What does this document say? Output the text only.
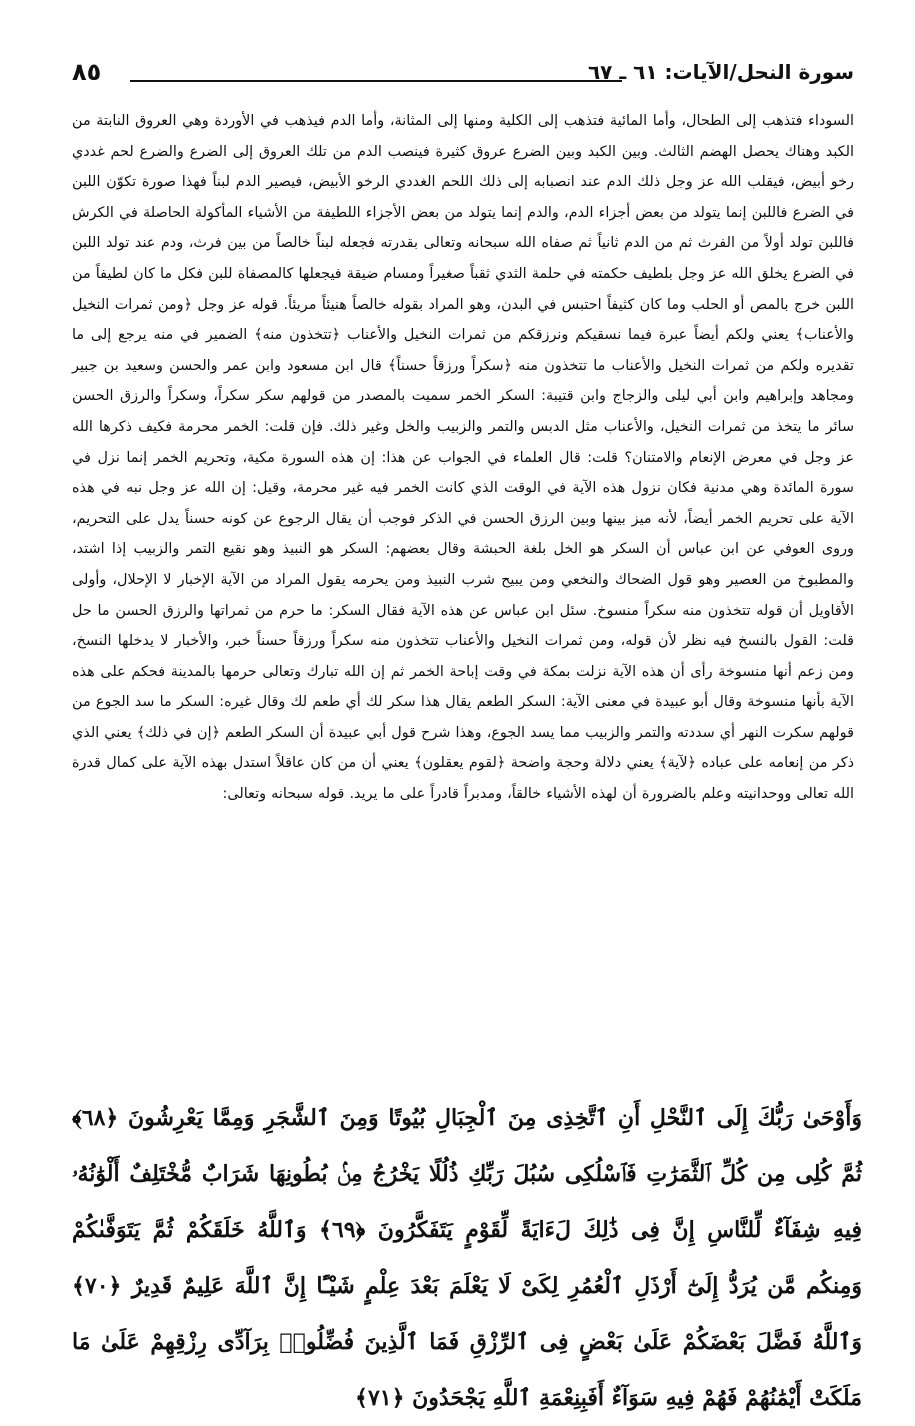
سورة النحل/الآيات: ٦١ ـ ٦٧
٨٥

السوداء فتذهب إلى الطحال، وأما المائية فتذهب إلى الكلية ومنها إلى المثانة، وأما الدم فيذهب في الأوردة وهي العروق النابتة من الكبد وهناك يحصل الهضم الثالث. وبين الكبد وبين الضرع عروق كثيرة فينصب الدم من تلك العروق إلى الضرع والضرع لحم غددي رخو أبيض، فيقلب الله عز وجل ذلك الدم عند انصبابه إلى ذلك اللحم الغددي الرخو الأبيض، فيصير الدم لبناً فهذا صورة تكوّن اللبن في الضرع فاللبن إنما يتولد من بعض أجزاء الدم، والدم إنما يتولد من بعض الأجزاء اللطيفة من الأشياء المأكولة الحاصلة في الكرش فاللبن تولد أولاً من الفرث ثم من الدم ثانياً ثم صفاه الله سبحانه وتعالى بقدرته فجعله لبناً خالصاً من بين فرث، ودم عند تولد اللبن في الضرع يخلق الله عز وجل بلطيف حكمته في حلمة الثدي ثقباً صغيراً ومسام ضيقة فيجعلها كالمصفاة للبن فكل ما كان لطيفاً من اللبن خرج بالمص أو الحلب وما كان كثيفاً احتبس في البدن، وهو المراد بقوله خالصاً هنيئاً مريئاً. قوله عز وجل ﴿ومن ثمرات النخيل والأعناب﴾ يعني ولكم أيضاً عبرة فيما نسقيكم ونرزقكم من ثمرات النخيل والأعناب ﴿تتخذون منه﴾ الضمير في منه يرجع إلى ما تقديره ولكم من ثمرات النخيل والأعناب ما تتخذون منه ﴿سكراً ورزقاً حسناً﴾ قال ابن مسعود وابن عمر والحسن وسعيد بن جبير ومجاهد وإبراهيم وابن أبي ليلى والزجاج وابن قتيبة: السكر الخمر سميت بالمصدر من قولهم سكر سكراً، وسكراً والرزق الحسن سائر ما يتخذ من ثمرات النخيل، والأعناب مثل الدبس والتمر والزبيب والخل وغير ذلك. فإن قلت: الخمر محرمة فكيف ذكرها الله عز وجل في معرض الإنعام والامتنان؟ قلت: قال العلماء في الجواب عن هذا: إن هذه السورة مكية، وتحريم الخمر إنما نزل في سورة المائدة وهي مدنية فكان نزول هذه الآية في الوقت الذي كانت الخمر فيه غير محرمة، وقيل: إن الله عز وجل نبه في هذه الآية على تحريم الخمر أيضاً، لأنه ميز بينها وبين الرزق الحسن في الذكر فوجب أن يقال الرجوع عن كونه حسناً يدل على التحريم، وروى العوفي عن ابن عباس أن السكر هو الخل بلغة الحبشة وقال بعضهم: السكر هو النبيذ وهو نقيع التمر والزبيب إذا اشتد، والمطبوخ من العصير وهو قول الضحاك والنخعي ومن يبيح شرب النبيذ ومن يحرمه يقول المراد من الآية الإخبار لا الإحلال، وأولى الأقاويل أن قوله تتخذون منه سكراً منسوخ. سئل ابن عباس عن هذه الآية فقال السكر: ما حرم من ثمراتها والرزق الحسن ما حل قلت: القول بالنسخ فيه نظر لأن قوله، ومن ثمرات النخيل والأعناب تتخذون منه سكراً ورزقاً حسناً خبر، والأخبار لا يدخلها النسخ، ومن زعم أنها منسوخة رأى أن هذه الآية نزلت بمكة في وقت إباحة الخمر ثم إن الله تبارك وتعالى حرمها بالمدينة فحكم على هذه الآية بأنها منسوخة وقال أبو عبيدة في معنى الآية: السكر الطعم يقال هذا سكر لك أي طعم لك وقال غيره: السكر ما سد الجوع من قولهم سكرت النهر أي سددته والتمر والزبيب مما يسد الجوع، وهذا شرح قول أبي عبيدة أن السكر الطعم ﴿إن في ذلك﴾ يعني الذي ذكر من إنعامه على عباده ﴿لآية﴾ يعني دلالة وحجة واضحة ﴿لقوم يعقلون﴾ يعني أن من كان عاقلاً استدل بهذه الآية على كمال قدرة الله تعالى ووحدانيته وعلم بالضرورة أن لهذه الأشياء خالقاً، ومدبراً قادراً على ما يريد. قوله سبحانه وتعالى:

وَأَوْحَىٰ رَبُّكَ إِلَى ٱلنَّحْلِ أَنِ ٱتَّخِذِى مِنَ ٱلْجِبَالِ بُيُوتًا وَمِنَ ٱلشَّجَرِ وَمِمَّا يَعْرِشُونَ ﴿٦٨﴾ ثُمَّ كُلِى مِن كُلِّ ٱلثَّمَرَٰتِ فَٱسْلُكِى سُبُلَ رَبِّكِ ذُلُلًا يَخْرُجُ مِنۢ بُطُونِهَا شَرَابٌ مُّخْتَلِفٌ أَلْوَٰنُهُۥ فِيهِ شِفَآءٌ لِّلنَّاسِ إِنَّ فِى ذَٰلِكَ لَءَايَةً لِّقَوْمٍ يَتَفَكَّرُونَ ﴿٦٩﴾ وَٱللَّهُ خَلَقَكُمْ ثُمَّ يَتَوَفَّىٰكُمْ وَمِنكُم مَّن يُرَدُّ إِلَىٰٓ أَرْذَلِ ٱلْعُمُرِ لِكَىْ لَا يَعْلَمَ بَعْدَ عِلْمٍ شَيْـًٔا إِنَّ ٱللَّهَ عَلِيمٌ قَدِيرٌ ﴿٧٠﴾ وَٱللَّهُ فَضَّلَ بَعْضَكُمْ عَلَىٰ بَعْضٍ فِى ٱلرِّزْقِ فَمَا ٱلَّذِينَ فُضِّلُوا۟ بِرَآدِّى رِزْقِهِمْ عَلَىٰ مَا مَلَكَتْ أَيْمَٰنُهُمْ فَهُمْ فِيهِ سَوَآءٌ أَفَبِنِعْمَةِ ٱللَّهِ يَجْحَدُونَ ﴿٧١﴾
